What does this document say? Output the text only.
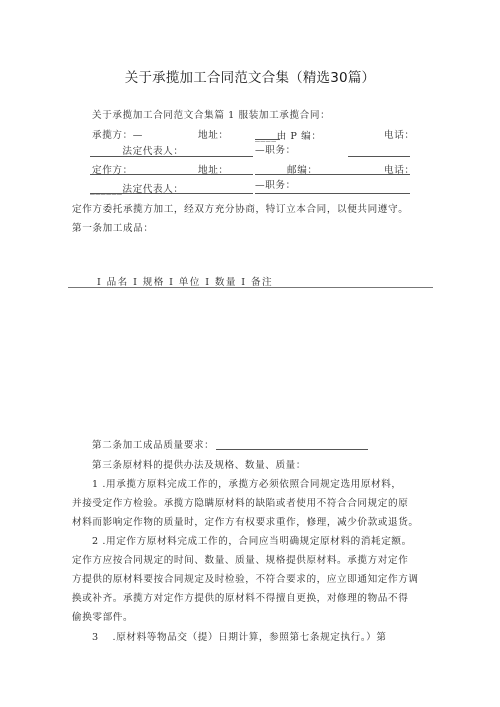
关于承揽加工合同范文合集（精选30篇）
关于承揽加工合同范文合集篇 1 服装加工承揽合同：
承揽方：—	地址：	____由 P 编：	电话：
______法定代表人：	—职务：
定作方：	地址：	邮编：	电话：
______法定代表人：	—职务：
定作方委托承揽方加工，经双方充分协商，特订立本合同，以便共同遵守。
第一条加工成品：
I 品名 I 规格 I 单位 I 数量 I 备注
第二条加工成品质量要求：
第三条原材料的提供办法及规格、数量、质量：
1 .用承揽方原料完成工作的，承揽方必须依照合同规定选用原材料，
并接受定作方检验。承揽方隐瞒原材料的缺陷或者使用不符合合同规定的原
材料而影响定作物的质量时，定作方有权要求重作，修理，减少价款或退货。
2 .用定作方原材料完成工作的，合同应当明确规定原材料的消耗定额。
定作方应按合同规定的时间、数量、质量、规格提供原材料。承揽方对定作
方提供的原材料要按合同规定及时检验，不符合要求的，应立即通知定作方调
换或补齐。承揽方对定作方提供的原材料不得擅自更换，对修理的物品不得
偷换零部件。
3　 .原材料等物品交（提）日期计算，参照第七条规定执行。）第
